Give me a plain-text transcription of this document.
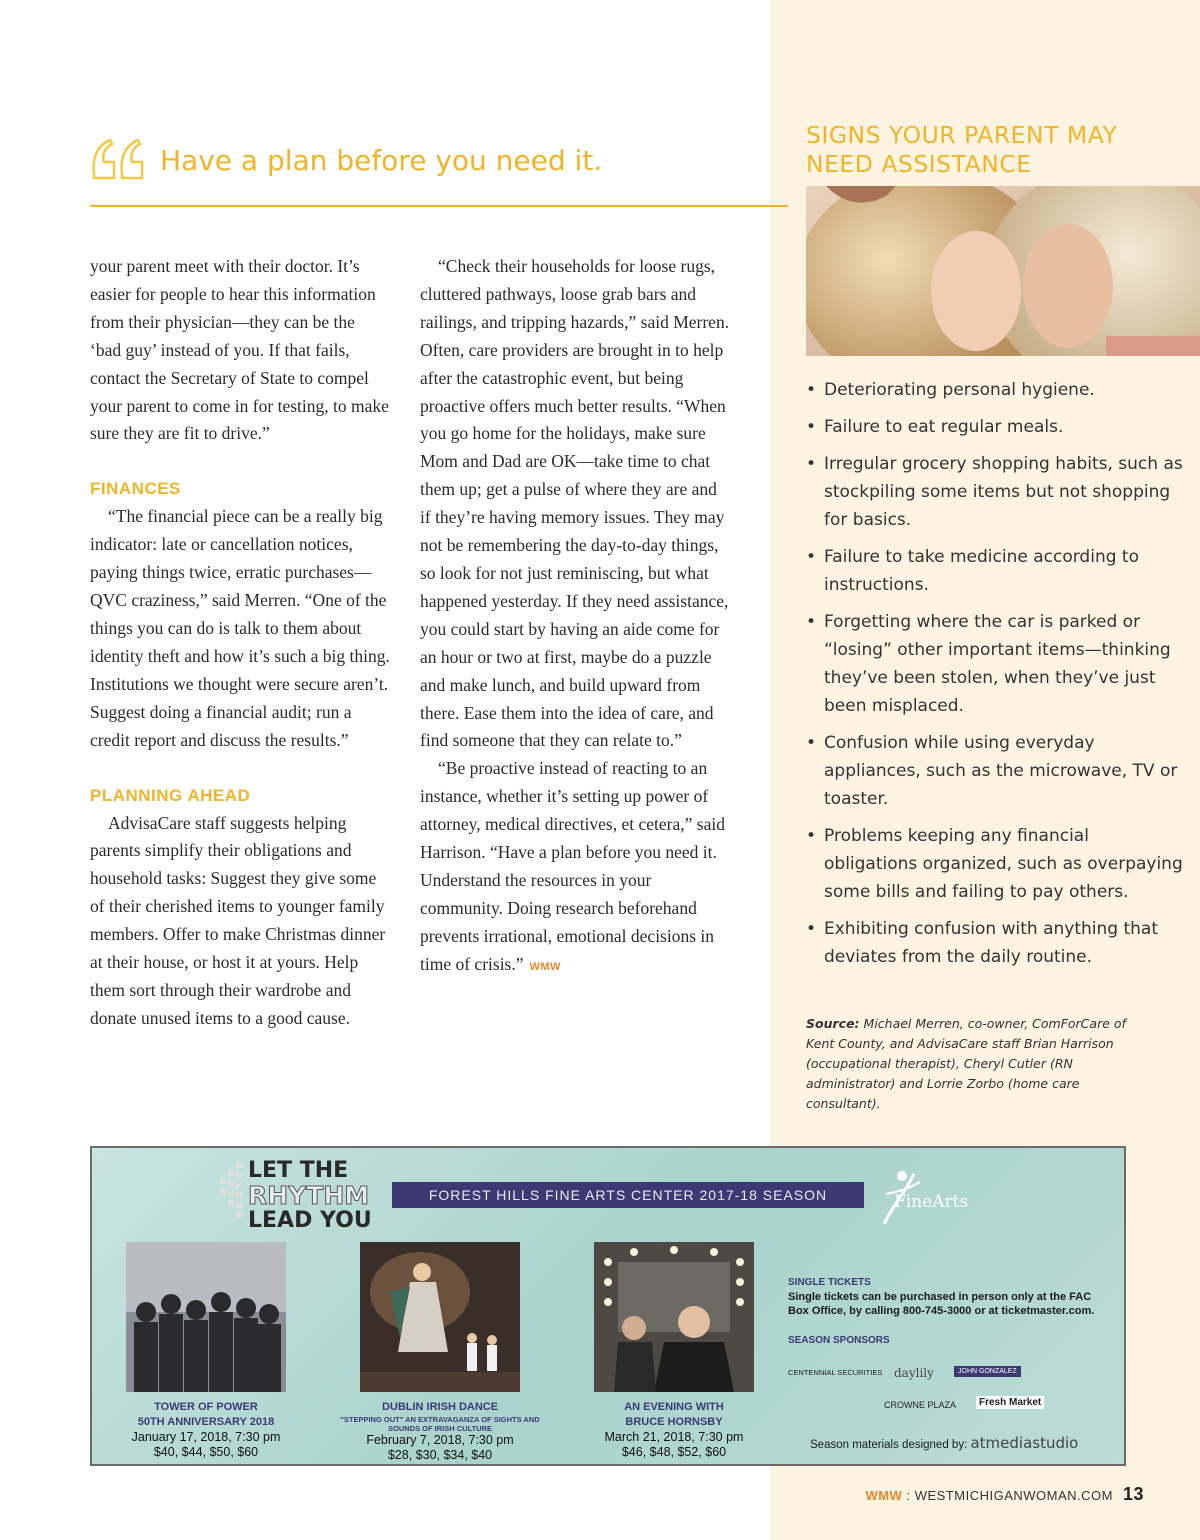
Have a plan before you need it.

your parent meet with their doctor. It’s easier for people to hear this information from their physician—they can be the ‘bad guy’ instead of you. If that fails, contact the Secretary of State to compel your parent to come in for testing, to make sure they are fit to drive.”

FINANCES

“The financial piece can be a really big indicator: late or cancellation notices, paying things twice, erratic purchases—QVC craziness,” said Merren. “One of the things you can do is talk to them about identity theft and how it’s such a big thing. Institutions we thought were secure aren’t. Suggest doing a financial audit; run a credit report and discuss the results.”

PLANNING AHEAD

AdvisaCare staff suggests helping parents simplify their obligations and household tasks: Suggest they give some of their cherished items to younger family members. Offer to make Christmas dinner at their house, or host it at yours. Help them sort through their wardrobe and donate unused items to a good cause.

“Check their households for loose rugs, cluttered pathways, loose grab bars and railings, and tripping hazards,” said Merren. Often, care providers are brought in to help after the catastrophic event, but being proactive offers much better results. “When you go home for the holidays, make sure Mom and Dad are OK—take time to chat them up; get a pulse of where they are and if they’re having memory issues. They may not be remembering the day-to-day things, so look for not just reminiscing, but what happened yesterday. If they need assistance, you could start by having an aide come for an hour or two at first, maybe do a puzzle and make lunch, and build upward from there. Ease them into the idea of care, and find someone that they can relate to.”

“Be proactive instead of reacting to an instance, whether it’s setting up power of attorney, medical directives, et cetera,” said Harrison. “Have a plan before you need it. Understand the resources in your community. Doing research beforehand prevents irrational, emotional decisions in time of crisis.” WMW

SIGNS YOUR PARENT MAY NEED ASSISTANCE
• Deteriorating personal hygiene.
• Failure to eat regular meals.
• Irregular grocery shopping habits, such as stockpiling some items but not shopping for basics.
• Failure to take medicine according to instructions.
• Forgetting where the car is parked or “losing” other important items—thinking they’ve been stolen, when they’ve just been misplaced.
• Confusion while using everyday appliances, such as the microwave, TV or toaster.
• Problems keeping any financial obligations organized, such as overpaying some bills and failing to pay others.
• Exhibiting confusion with anything that deviates from the daily routine.
Source: Michael Merren, co-owner, ComForCare of Kent County, and AdvisaCare staff Brian Harrison (occupational therapist), Cheryl Cutler (RN administrator) and Lorrie Zorbo (home care consultant).
LET THE
RHYTHM
LEAD YOU
FOREST HILLS FINE ARTS CENTER 2017-18 SEASON	FineArts
TOWER OF POWER
50TH ANNIVERSARY 2018
January 17, 2018, 7:30 pm
$40, $44, $50, $60
DUBLIN IRISH DANCE
"STEPPING OUT" AN EXTRAVAGANZA OF SIGHTS AND SOUNDS OF IRISH CULTURE
February 7, 2018, 7:30 pm
$28, $30, $34, $40
AN EVENING WITH
BRUCE HORNSBY
March 21, 2018, 7:30 pm
$46, $48, $52, $60
SINGLE TICKETS
Single tickets can be purchased in person only at the FAC Box Office, by calling 800-745-3000 or at ticketmaster.com.
SEASON SPONSORS
CENTENNIAL SECURITIES daylily	JOHN GONZALEZ
CROWNE PLAZA	Fresh Market
Season materials designed by: atmediastudio
WMW : WESTMICHIGANWOMAN.COM 13
